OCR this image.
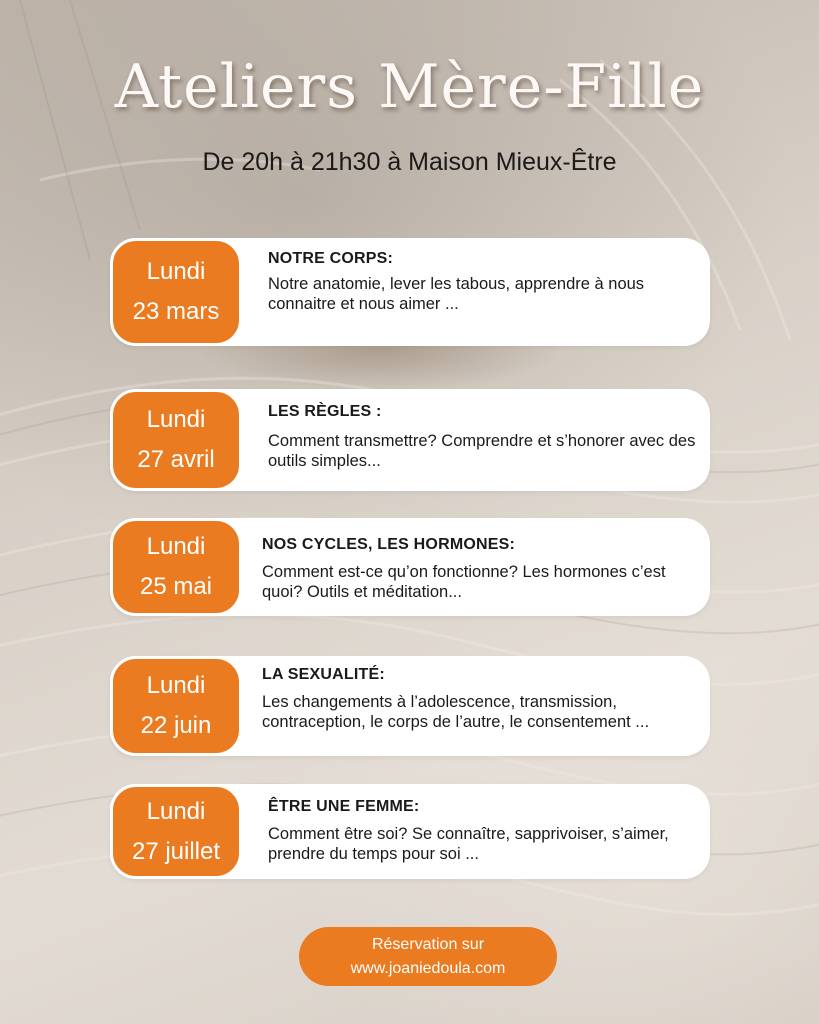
Ateliers Mère-Fille
De 20h à 21h30 à Maison Mieux-Être
Lundi
23 mars
NOTRE CORPS:

Notre anatomie, lever les tabous, apprendre à nous connaitre et nous aimer ...

Lundi
27 avril
LES RÈGLES :

Comment transmettre? Comprendre et s’honorer avec des outils simples...

Lundi
25 mai
NOS CYCLES, LES HORMONES:

Comment est-ce qu’on fonctionne? Les hormones c’est quoi? Outils et méditation...

Lundi
22 juin
LA SEXUALITÉ:

Les changements à l’adolescence, transmission, contraception, le corps de l’autre, le consentement ...

Lundi
27 juillet
ÊTRE UNE FEMME:

Comment être soi? Se connaître, sapprivoiser, s’aimer, prendre du temps pour soi ...

Réservation sur
www.joaniedoula.com
